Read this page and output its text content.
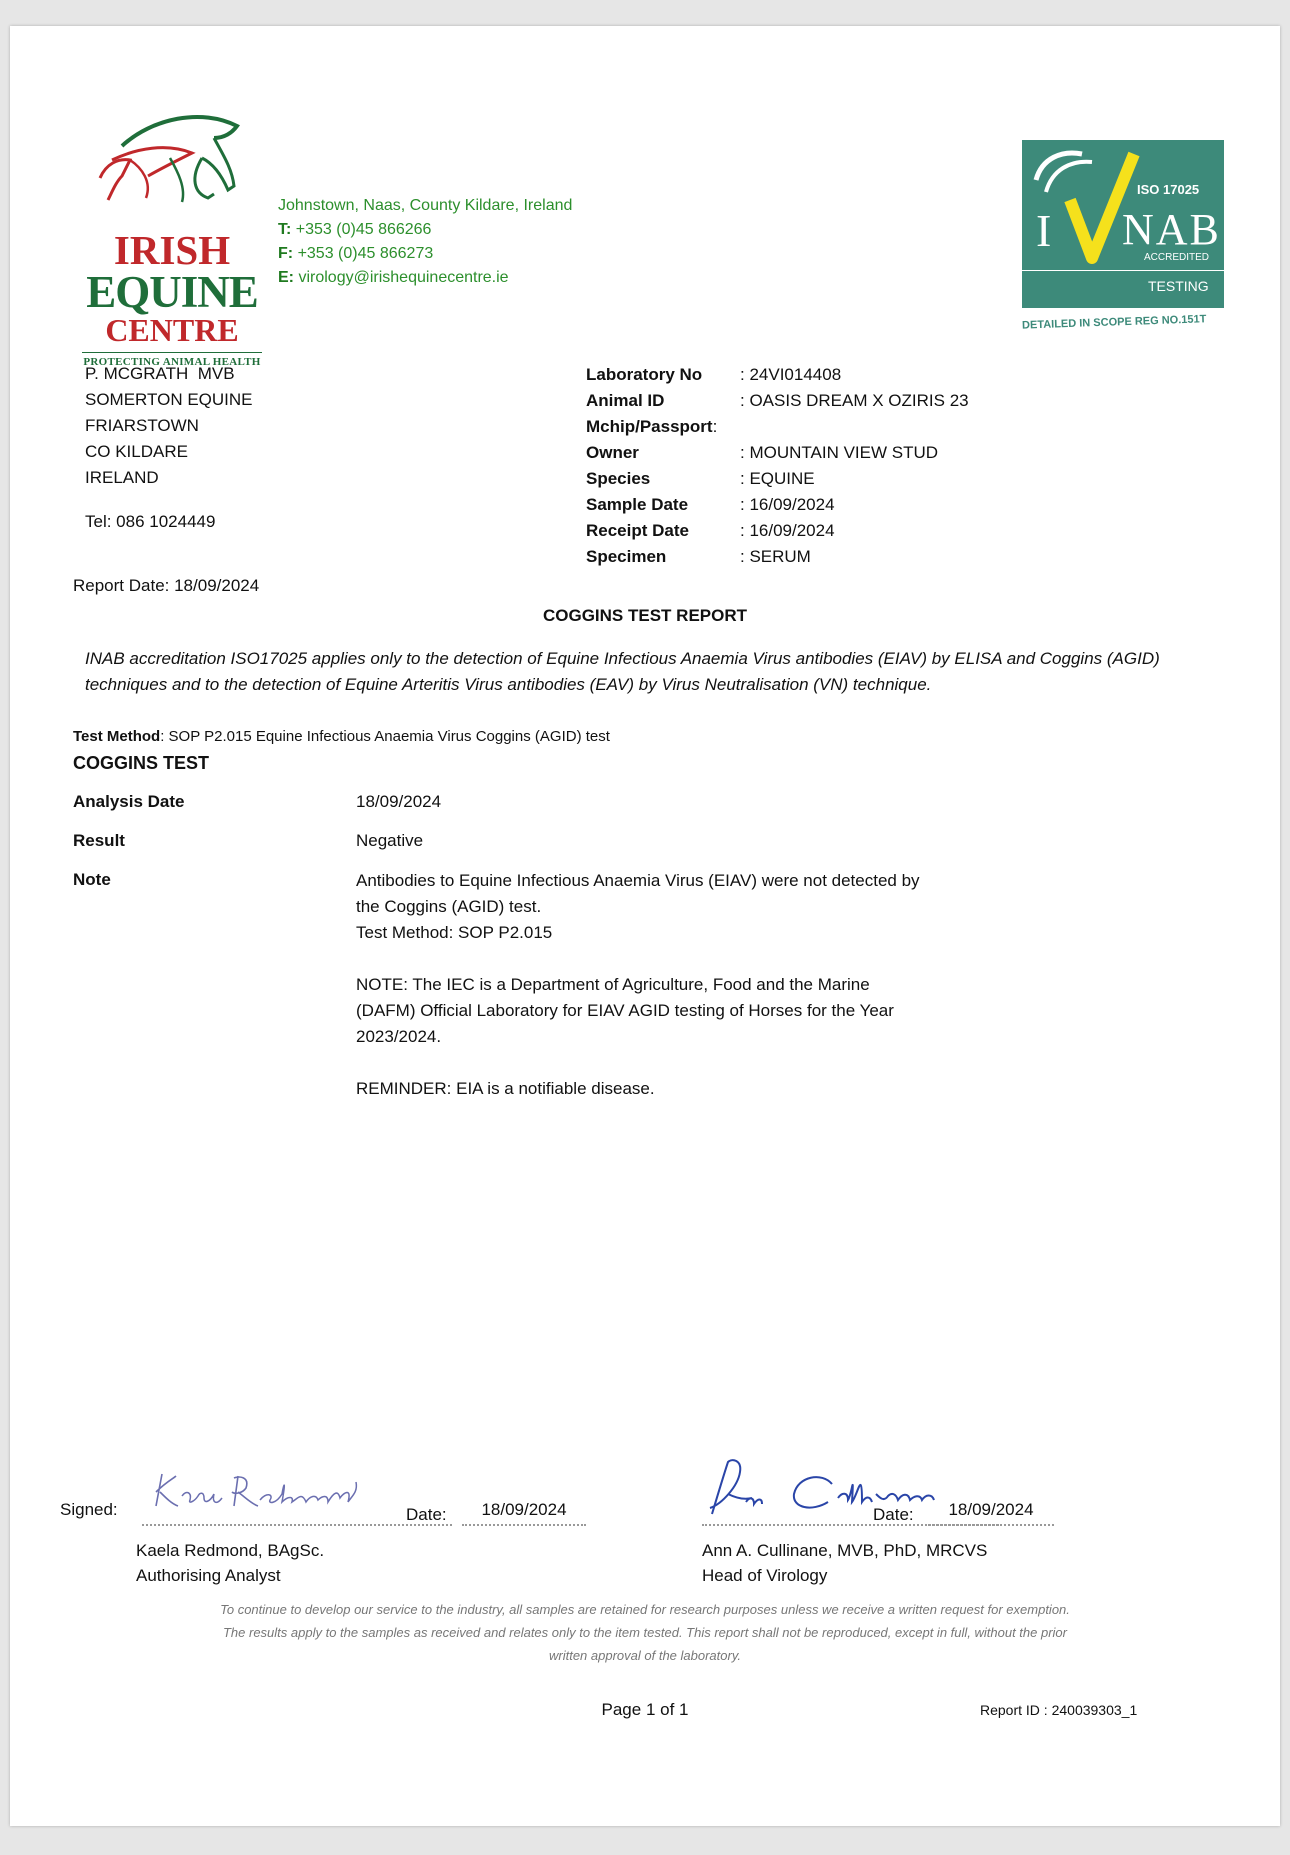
IRISH
EQUINE
CENTRE
PROTECTING ANIMAL HEALTH
Johnstown, Naas, County Kildare, Ireland
T: +353 (0)45 866266
F: +353 (0)45 866273
E: virology@irishequinecentre.ie
ISO 17025
I NAB
ACCREDITED
TESTING
DETAILED IN SCOPE REG NO.151T
P. MCGRATH  MVB
SOMERTON EQUINE
FRIARSTOWN
CO KILDARE
IRELAND
Tel: 086 1024449
Laboratory No	: 24VI014408
Animal ID	: OASIS DREAM X OZIRIS 23
Mchip/Passport :
Owner	: MOUNTAIN VIEW STUD
Species	: EQUINE
Sample Date	: 16/09/2024
Receipt Date	: 16/09/2024
Specimen	: SERUM
Report Date: 18/09/2024
COGGINS TEST REPORT
INAB accreditation ISO17025 applies only to the detection of Equine Infectious Anaemia Virus antibodies (EIAV) by ELISA and Coggins (AGID) techniques and to the detection of Equine Arteritis Virus antibodies (EAV) by Virus Neutralisation (VN) technique.
Test Method: SOP P2.015 Equine Infectious Anaemia Virus Coggins (AGID) test
COGGINS TEST
Analysis Date	18/09/2024
Result	Negative
Note	Antibodies to Equine Infectious Anaemia Virus (EIAV) were not detected by
the Coggins (AGID) test.
Test Method: SOP P2.015
NOTE: The IEC is a Department of Agriculture, Food and the Marine
(DAFM) Official Laboratory for EIAV AGID testing of Horses for the Year
2023/2024.
REMINDER: EIA is a notifiable disease.
Signed:	Date:	18/09/2024
Kaela Redmond, BAgSc.
Authorising Analyst
Date:	18/09/2024
Ann A. Cullinane, MVB, PhD, MRCVS
Head of Virology
To continue to develop our service to the industry, all samples are retained for research purposes unless we receive a written request for exemption.
The results apply to the samples as received and relates only to the item tested. This report shall not be reproduced, except in full, without the prior
written approval of the laboratory.
Page 1 of 1	Report ID : 240039303_1
